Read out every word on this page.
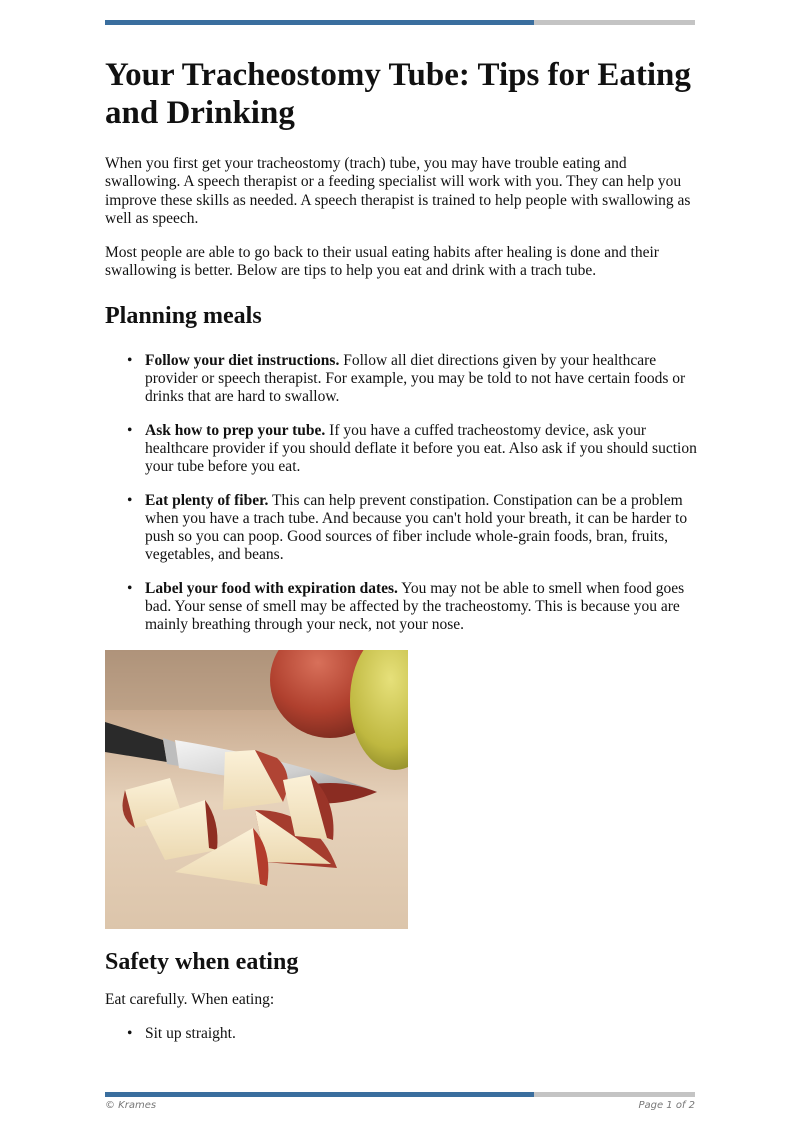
Your Tracheostomy Tube: Tips for Eating and Drinking

When you first get your tracheostomy (trach) tube, you may have trouble eating and swallowing. A speech therapist or a feeding specialist will work with you. They can help you improve these skills as needed. A speech therapist is trained to help people with swallowing as well as speech.

Most people are able to go back to their usual eating habits after healing is done and their swallowing is better. Below are tips to help you eat and drink with a trach tube.

Planning meals
• Follow your diet instructions. Follow all diet directions given by your healthcare provider or speech therapist. For example, you may be told to not have certain foods or drinks that are hard to swallow.
• Ask how to prep your tube. If you have a cuffed tracheostomy device, ask your healthcare provider if you should deflate it before you eat. Also ask if you should suction your tube before you eat.
• Eat plenty of fiber. This can help prevent constipation. Constipation can be a problem when you have a trach tube. And because you can't hold your breath, it can be harder to push so you can poop. Good sources of fiber include whole-grain foods, bran, fruits, vegetables, and beans.
• Label your food with expiration dates. You may not be able to smell when food goes bad. Your sense of smell may be affected by the tracheostomy. This is because you are mainly breathing through your neck, not your nose.
Safety when eating

Eat carefully. When eating:

• Sit up straight.
© Krames	Page 1 of 2
